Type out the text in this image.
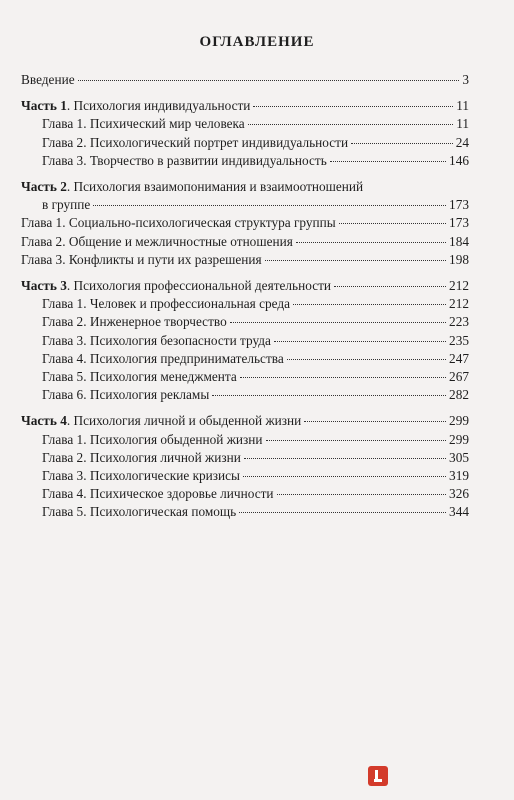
ОГЛАВЛЕНИЕ
Введение	3
Часть 1. Психология индивидуальности	11
Глава 1. Психический мир человека	11
Глава 2. Психологический портрет индивидуальности	24
Глава 3. Творчество в развитии индивидуальность	146
Часть 2. Психология взаимопонимания и взаимоотношений
в группе	173
Глава 1. Социально-психологическая структура группы	173
Глава 2. Общение и межличностные отношения	184
Глава 3. Конфликты и пути их разрешения	198
Часть 3. Психология профессиональной деятельности	212
Глава 1. Человек и профессиональная среда	212
Глава 2. Инженерное творчество	223
Глава 3. Психология безопасности труда	235
Глава 4. Психология предпринимательства	247
Глава 5. Психология менеджмента	267
Глава 6. Психология рекламы	282
Часть 4. Психология личной и обыденной жизни	299
Глава 1. Психология обыденной жизни	299
Глава 2. Психология личной жизни	305
Глава 3. Психологические кризисы	319
Глава 4. Психическое здоровье личности	326
Глава 5. Психологическая помощь	344
